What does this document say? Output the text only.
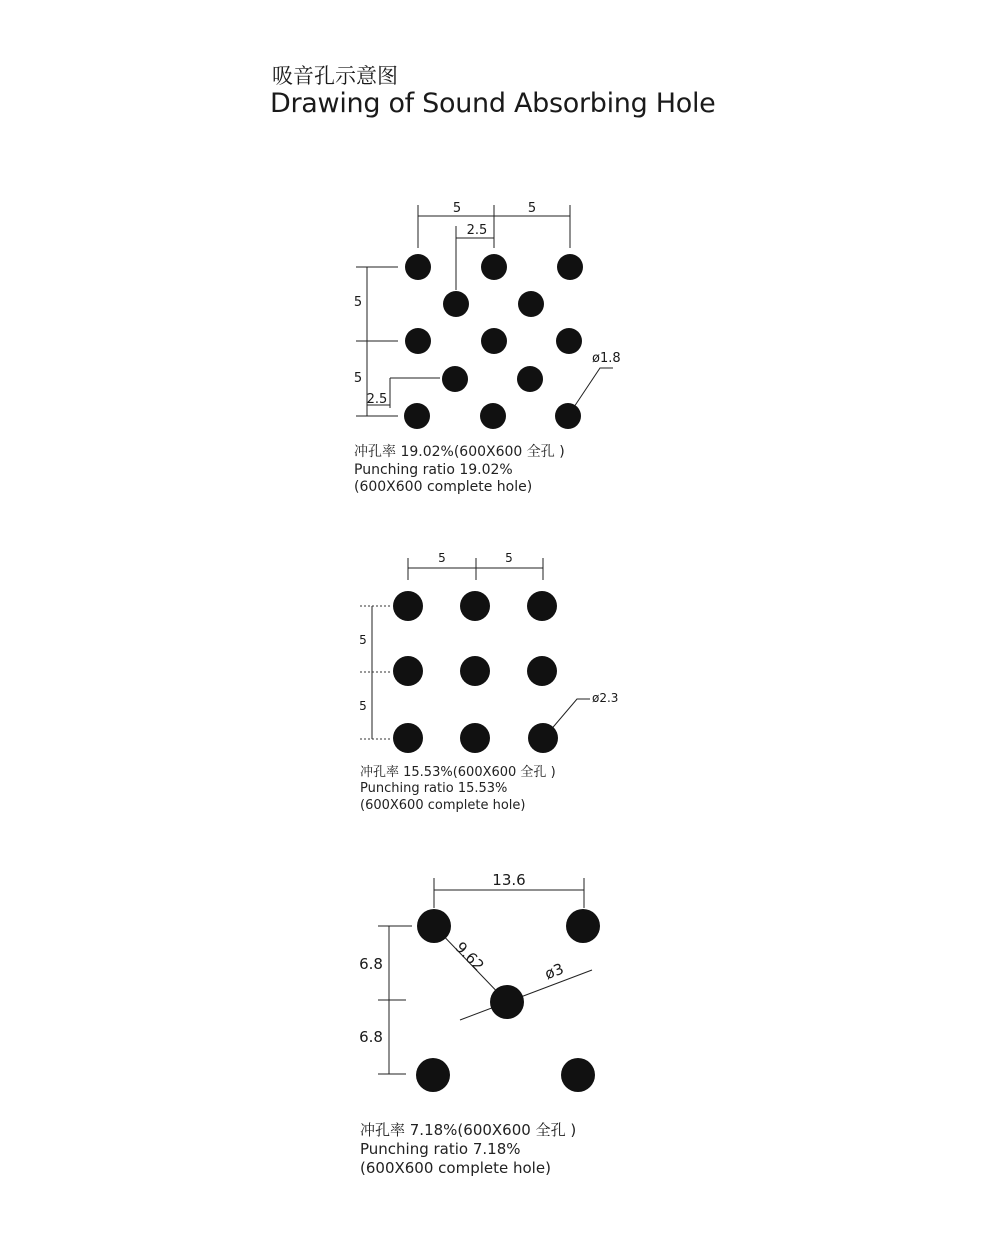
吸音孔示意图
Drawing of Sound Absorbing Hole
5	5
2.5
5
5
2.5
ø1.8
5	5
5
5
ø2.3
13.6
9.62	ø3
6.8
6.8
冲孔率 19.02%(600X600 全孔 )
Punching ratio 19.02%
(600X600 complete hole)
冲孔率 15.53%(600X600 全孔 )
Punching ratio 15.53%
(600X600 complete hole)
冲孔率 7.18%(600X600 全孔 )
Punching ratio 7.18%
(600X600 complete hole)
